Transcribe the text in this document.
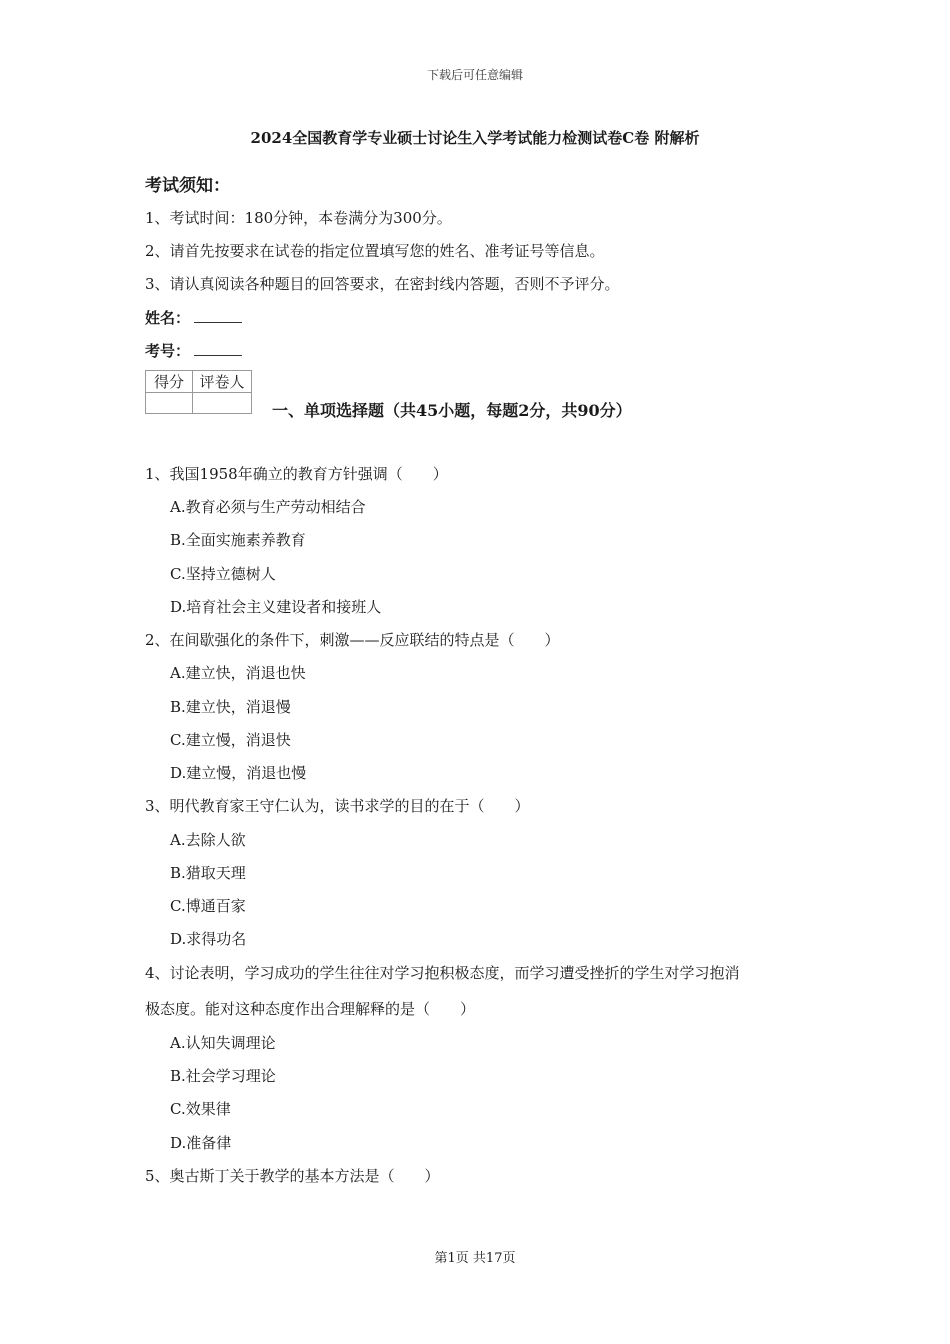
下载后可任意编辑
2024全国教育学专业硕士讨论生入学考试能力检测试卷C卷 附解析
考试须知：
1、考试时间：180分钟，本卷满分为300分。
2、请首先按要求在试卷的指定位置填写您的姓名、准考证号等信息。
3、请认真阅读各种题目的回答要求，在密封线内答题，否则不予评分。
姓名：
考号：
得分	评卷人

一、单项选择题（共45小题，每题2分，共90分）
1、我国1958年确立的教育方针强调（　　）
A.教育必须与生产劳动相结合
B.全面实施素养教育
C.坚持立德树人
D.培育社会主义建设者和接班人
2、在间歇强化的条件下，刺激——反应联结的特点是（　　）
A.建立快，消退也快
B.建立快，消退慢
C.建立慢，消退快
D.建立慢，消退也慢
3、明代教育家王守仁认为，读书求学的目的在于（　　）
A.去除人欲
B.猎取天理
C.博通百家
D.求得功名
4、讨论表明，学习成功的学生往往对学习抱积极态度，而学习遭受挫折的学生对学习抱消
极态度。能对这种态度作出合理解释的是（　　）
A.认知失调理论
B.社会学习理论
C.效果律
D.准备律
5、奥古斯丁关于教学的基本方法是（　　）
第1页 共17页
